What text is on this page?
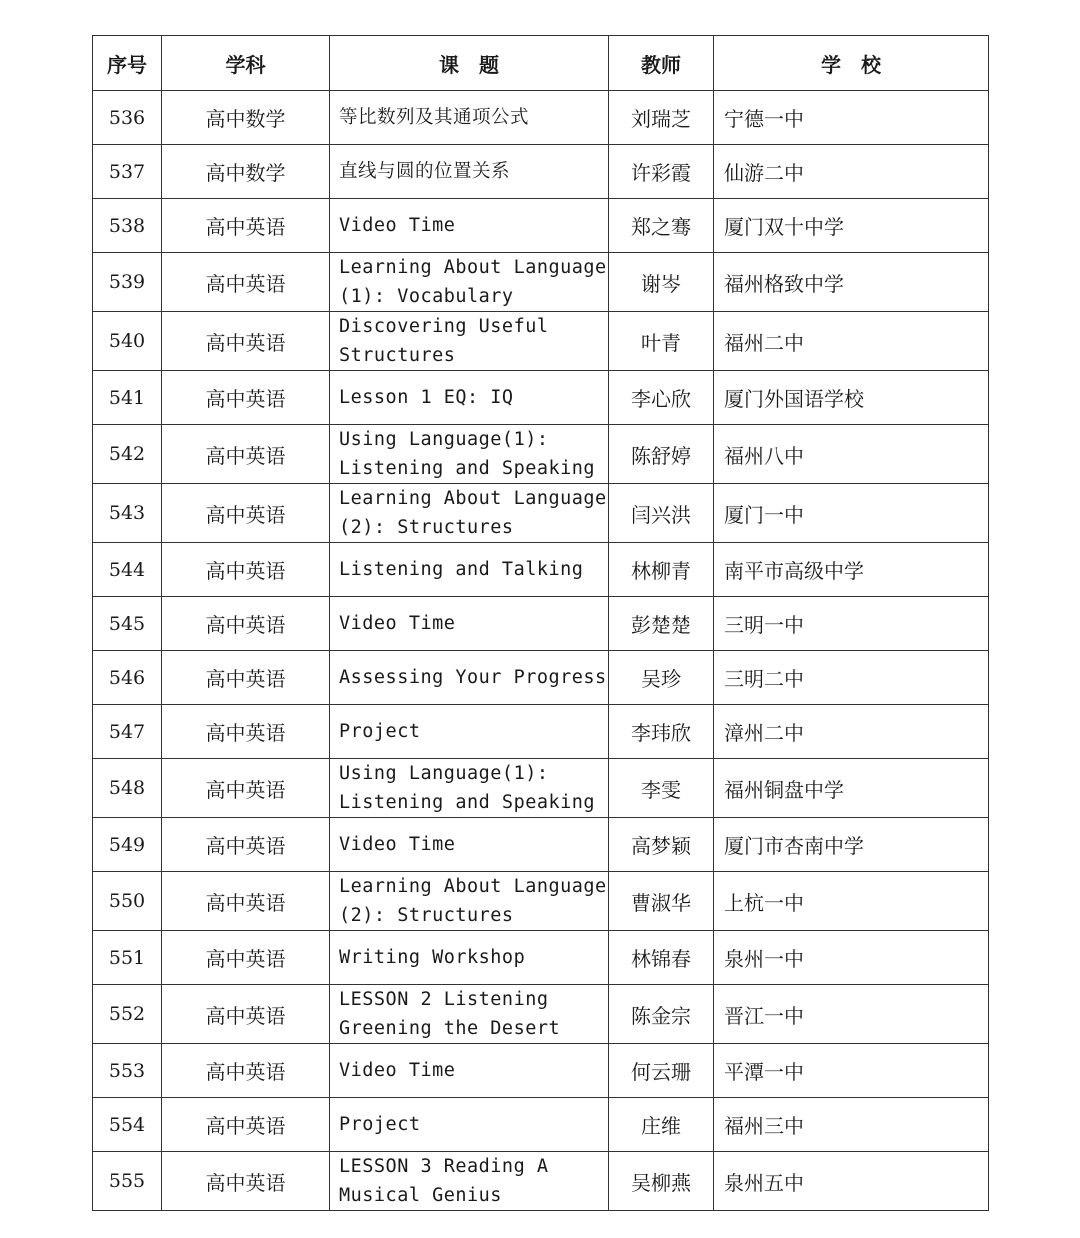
序号	学科	课　题	教师	学　校
536	高中数学	等比数列及其通项公式	刘瑞芝	宁德一中
537	高中数学	直线与圆的位置关系	许彩霞	仙游二中
538	高中英语	Video Time	郑之骞	厦门双十中学
539	高中英语	Learning About Language (1): Vocabulary	谢岑	福州格致中学
540	高中英语	Discovering Useful Structures	叶青	福州二中
541	高中英语	Lesson 1 EQ: IQ	李心欣	厦门外国语学校
542	高中英语	Using Language(1): Listening and Speaking	陈舒婷	福州八中
543	高中英语	Learning About Language (2): Structures	闫兴洪	厦门一中
544	高中英语	Listening and Talking	林柳青	南平市高级中学
545	高中英语	Video Time	彭楚楚	三明一中
546	高中英语	Assessing Your Progress	吴珍	三明二中
547	高中英语	Project	李玮欣	漳州二中
548	高中英语	Using Language(1): Listening and Speaking	李雯	福州铜盘中学
549	高中英语	Video Time	高梦颖	厦门市杏南中学
550	高中英语	Learning About Language (2): Structures	曹淑华	上杭一中
551	高中英语	Writing Workshop	林锦春	泉州一中
552	高中英语	LESSON 2 Listening Greening the Desert	陈金宗	晋江一中
553	高中英语	Video Time	何云珊	平潭一中
554	高中英语	Project	庄维	福州三中
555	高中英语	LESSON 3 Reading A Musical Genius	吴柳燕	泉州五中
